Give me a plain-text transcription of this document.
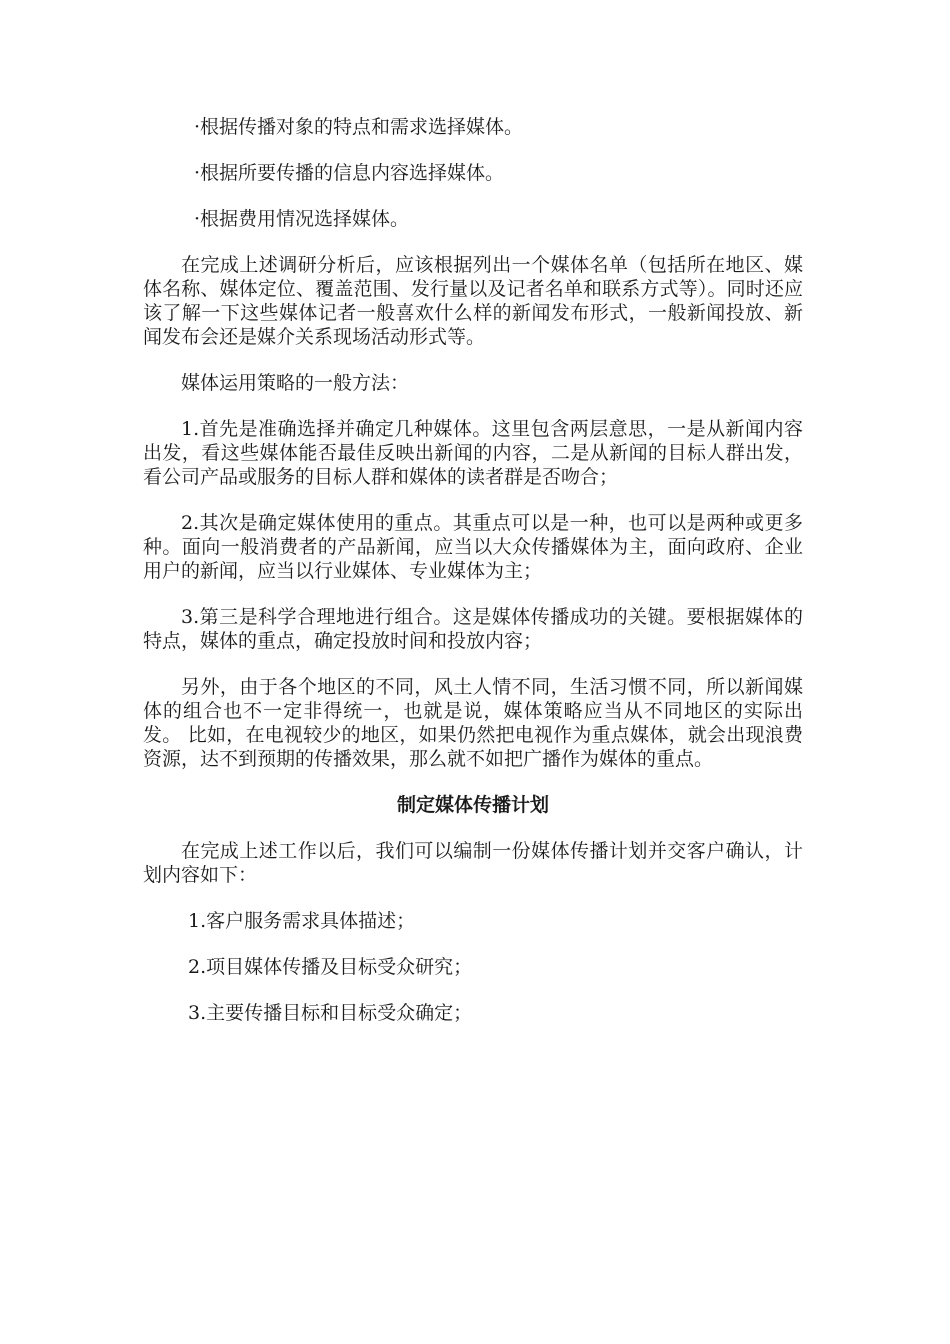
·根据传播对象的特点和需求选择媒体。

·根据所要传播的信息内容选择媒体。

·根据费用情况选择媒体。

在完成上述调研分析后，应该根据列出一个媒体名单（包括所在地区、媒体名称、媒体定位、覆盖范围、发行量以及记者名单和联系方式等）。同时还应该了解一下这些媒体记者一般喜欢什么样的新闻发布形式，一般新闻投放、新闻发布会还是媒介关系现场活动形式等。

媒体运用策略的一般方法：

1.首先是准确选择并确定几种媒体。这里包含两层意思，一是从新闻内容出发，看这些媒体能否最佳反映出新闻的内容，二是从新闻的目标人群出发，看公司产品或服务的目标人群和媒体的读者群是否吻合；

2.其次是确定媒体使用的重点。其重点可以是一种，也可以是两种或更多种。面向一般消费者的产品新闻，应当以大众传播媒体为主，面向政府、企业用户的新闻，应当以行业媒体、专业媒体为主；

3.第三是科学合理地进行组合。这是媒体传播成功的关键。要根据媒体的特点，媒体的重点，确定投放时间和投放内容；

另外，由于各个地区的不同，风土人情不同，生活习惯不同，所以新闻媒体的组合也不一定非得统一，也就是说，媒体策略应当从不同地区的实际出发。 比如，在电视较少的地区，如果仍然把电视作为重点媒体，就会出现浪费资源，达不到预期的传播效果，那么就不如把广播作为媒体的重点。

制定媒体传播计划

在完成上述工作以后，我们可以编制一份媒体传播计划并交客户确认，计划内容如下：

1.客户服务需求具体描述；

2.项目媒体传播及目标受众研究；

3.主要传播目标和目标受众确定；
